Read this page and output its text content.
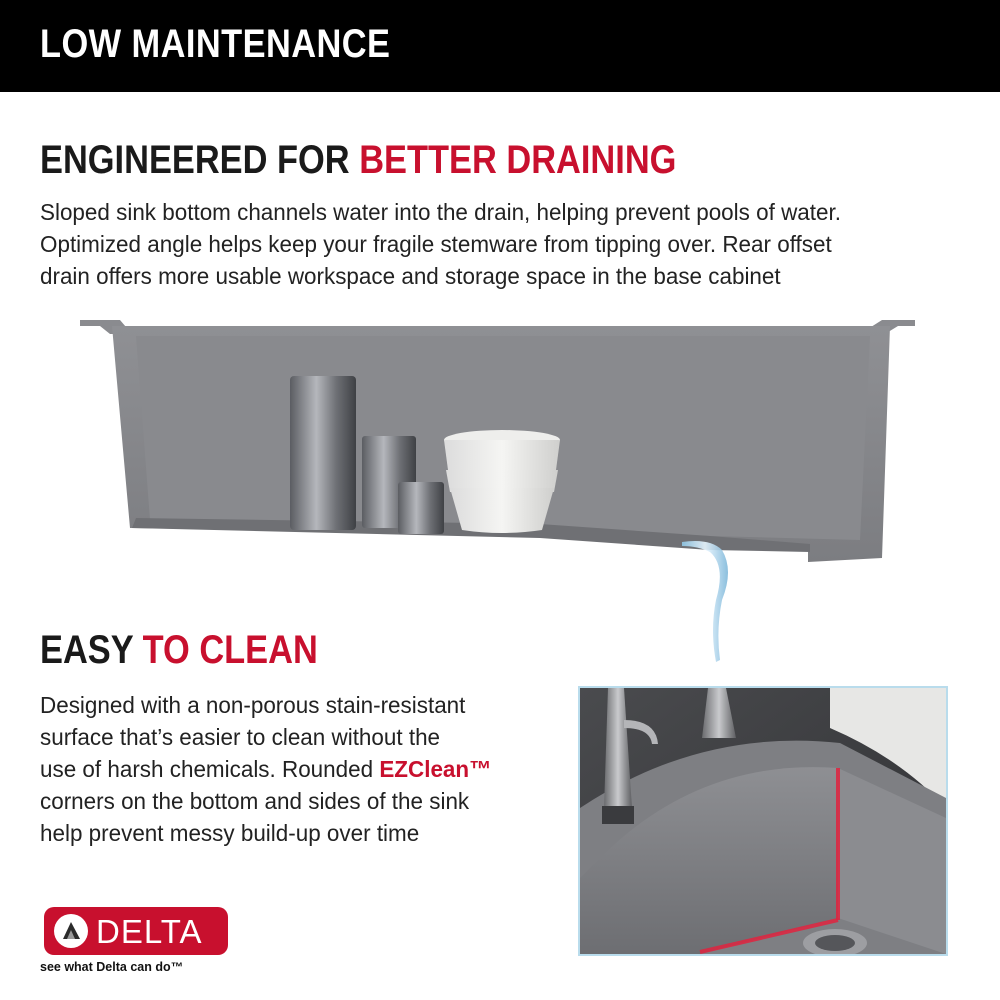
LOW MAINTENANCE
ENGINEERED FOR BETTER DRAINING
Sloped sink bottom channels water into the drain, helping prevent pools of water.
Optimized angle helps keep your fragile stemware from tipping over. Rear offset
drain offers more usable workspace and storage space in the base cabinet
EASY TO CLEAN
Designed with a non-porous stain-resistant
surface that’s easier to clean without the
use of harsh chemicals. Rounded EZClean™
corners on the bottom and sides of the sink
help prevent messy build-up over time
DELTA
see what Delta can do™
